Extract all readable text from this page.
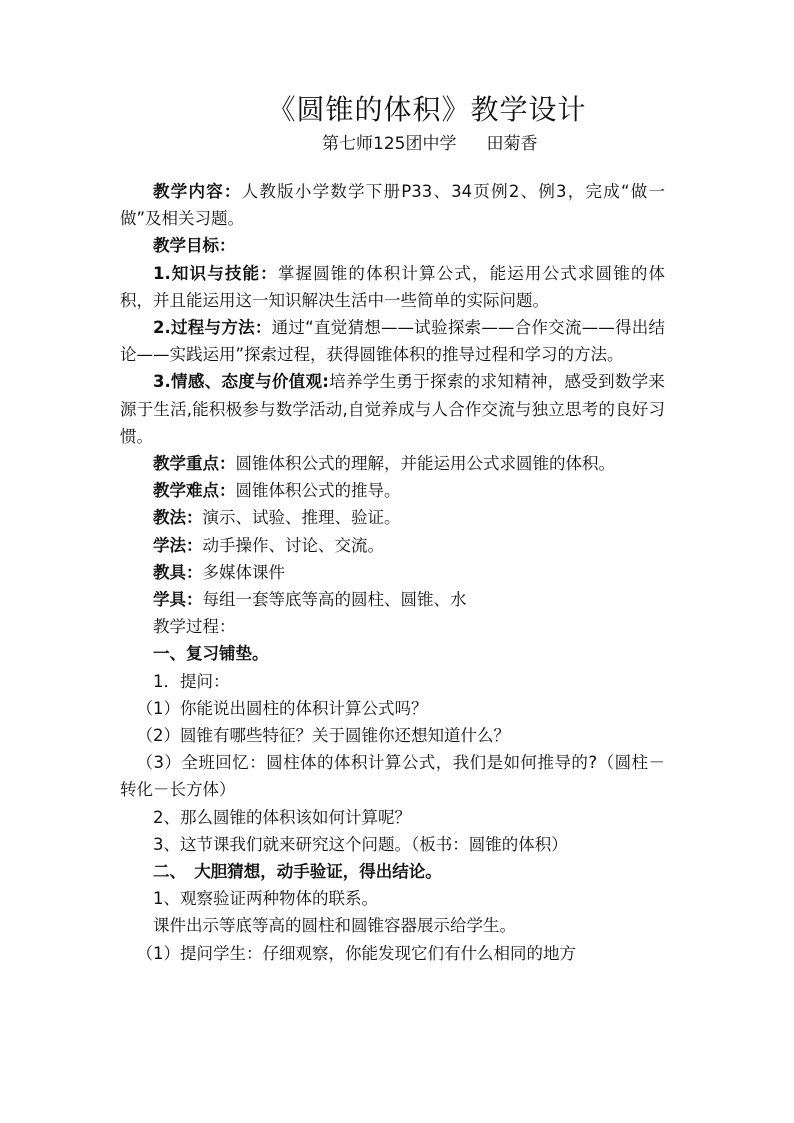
《圆锥的体积》教学设计
第七师125团中学 田菊香

教学内容：人教版小学数学下册P33、34页例2、例3，完成“做一做”及相关习题。

教学目标：

1.知识与技能：掌握圆锥的体积计算公式，能运用公式求圆锥的体积，并且能运用这一知识解决生活中一些简单的实际问题。

2.过程与方法：通过“直觉猜想——试验探索——合作交流——得出结论——实践运用”探索过程，获得圆锥体积的推导过程和学习的方法。

3.情感、态度与价值观:培养学生勇于探索的求知精神，感受到数学来源于生活,能积极参与数学活动,自觉养成与人合作交流与独立思考的良好习惯。

教学重点：圆锥体积公式的理解，并能运用公式求圆锥的体积。

教学难点：圆锥体积公式的推导。

教法：演示、试验、推理、验证。

学法：动手操作、讨论、交流。

教具：多媒体课件

学具：每组一套等底等高的圆柱、圆锥、水

教学过程：

一、复习铺垫。

1．提问：

（1）你能说出圆柱的体积计算公式吗？

（2）圆锥有哪些特征？关于圆锥你还想知道什么？

（3）全班回忆：圆柱体的体积计算公式，我们是如何推导的?（圆柱－转化－长方体）

2、那么圆锥的体积该如何计算呢？

3、这节课我们就来研究这个问题。（板书：圆锥的体积）

二、　大胆猜想，动手验证，得出结论。

1、观察验证两种物体的联系。

课件出示等底等高的圆柱和圆锥容器展示给学生。

（1）提问学生：仔细观察，你能发现它们有什么相同的地方
